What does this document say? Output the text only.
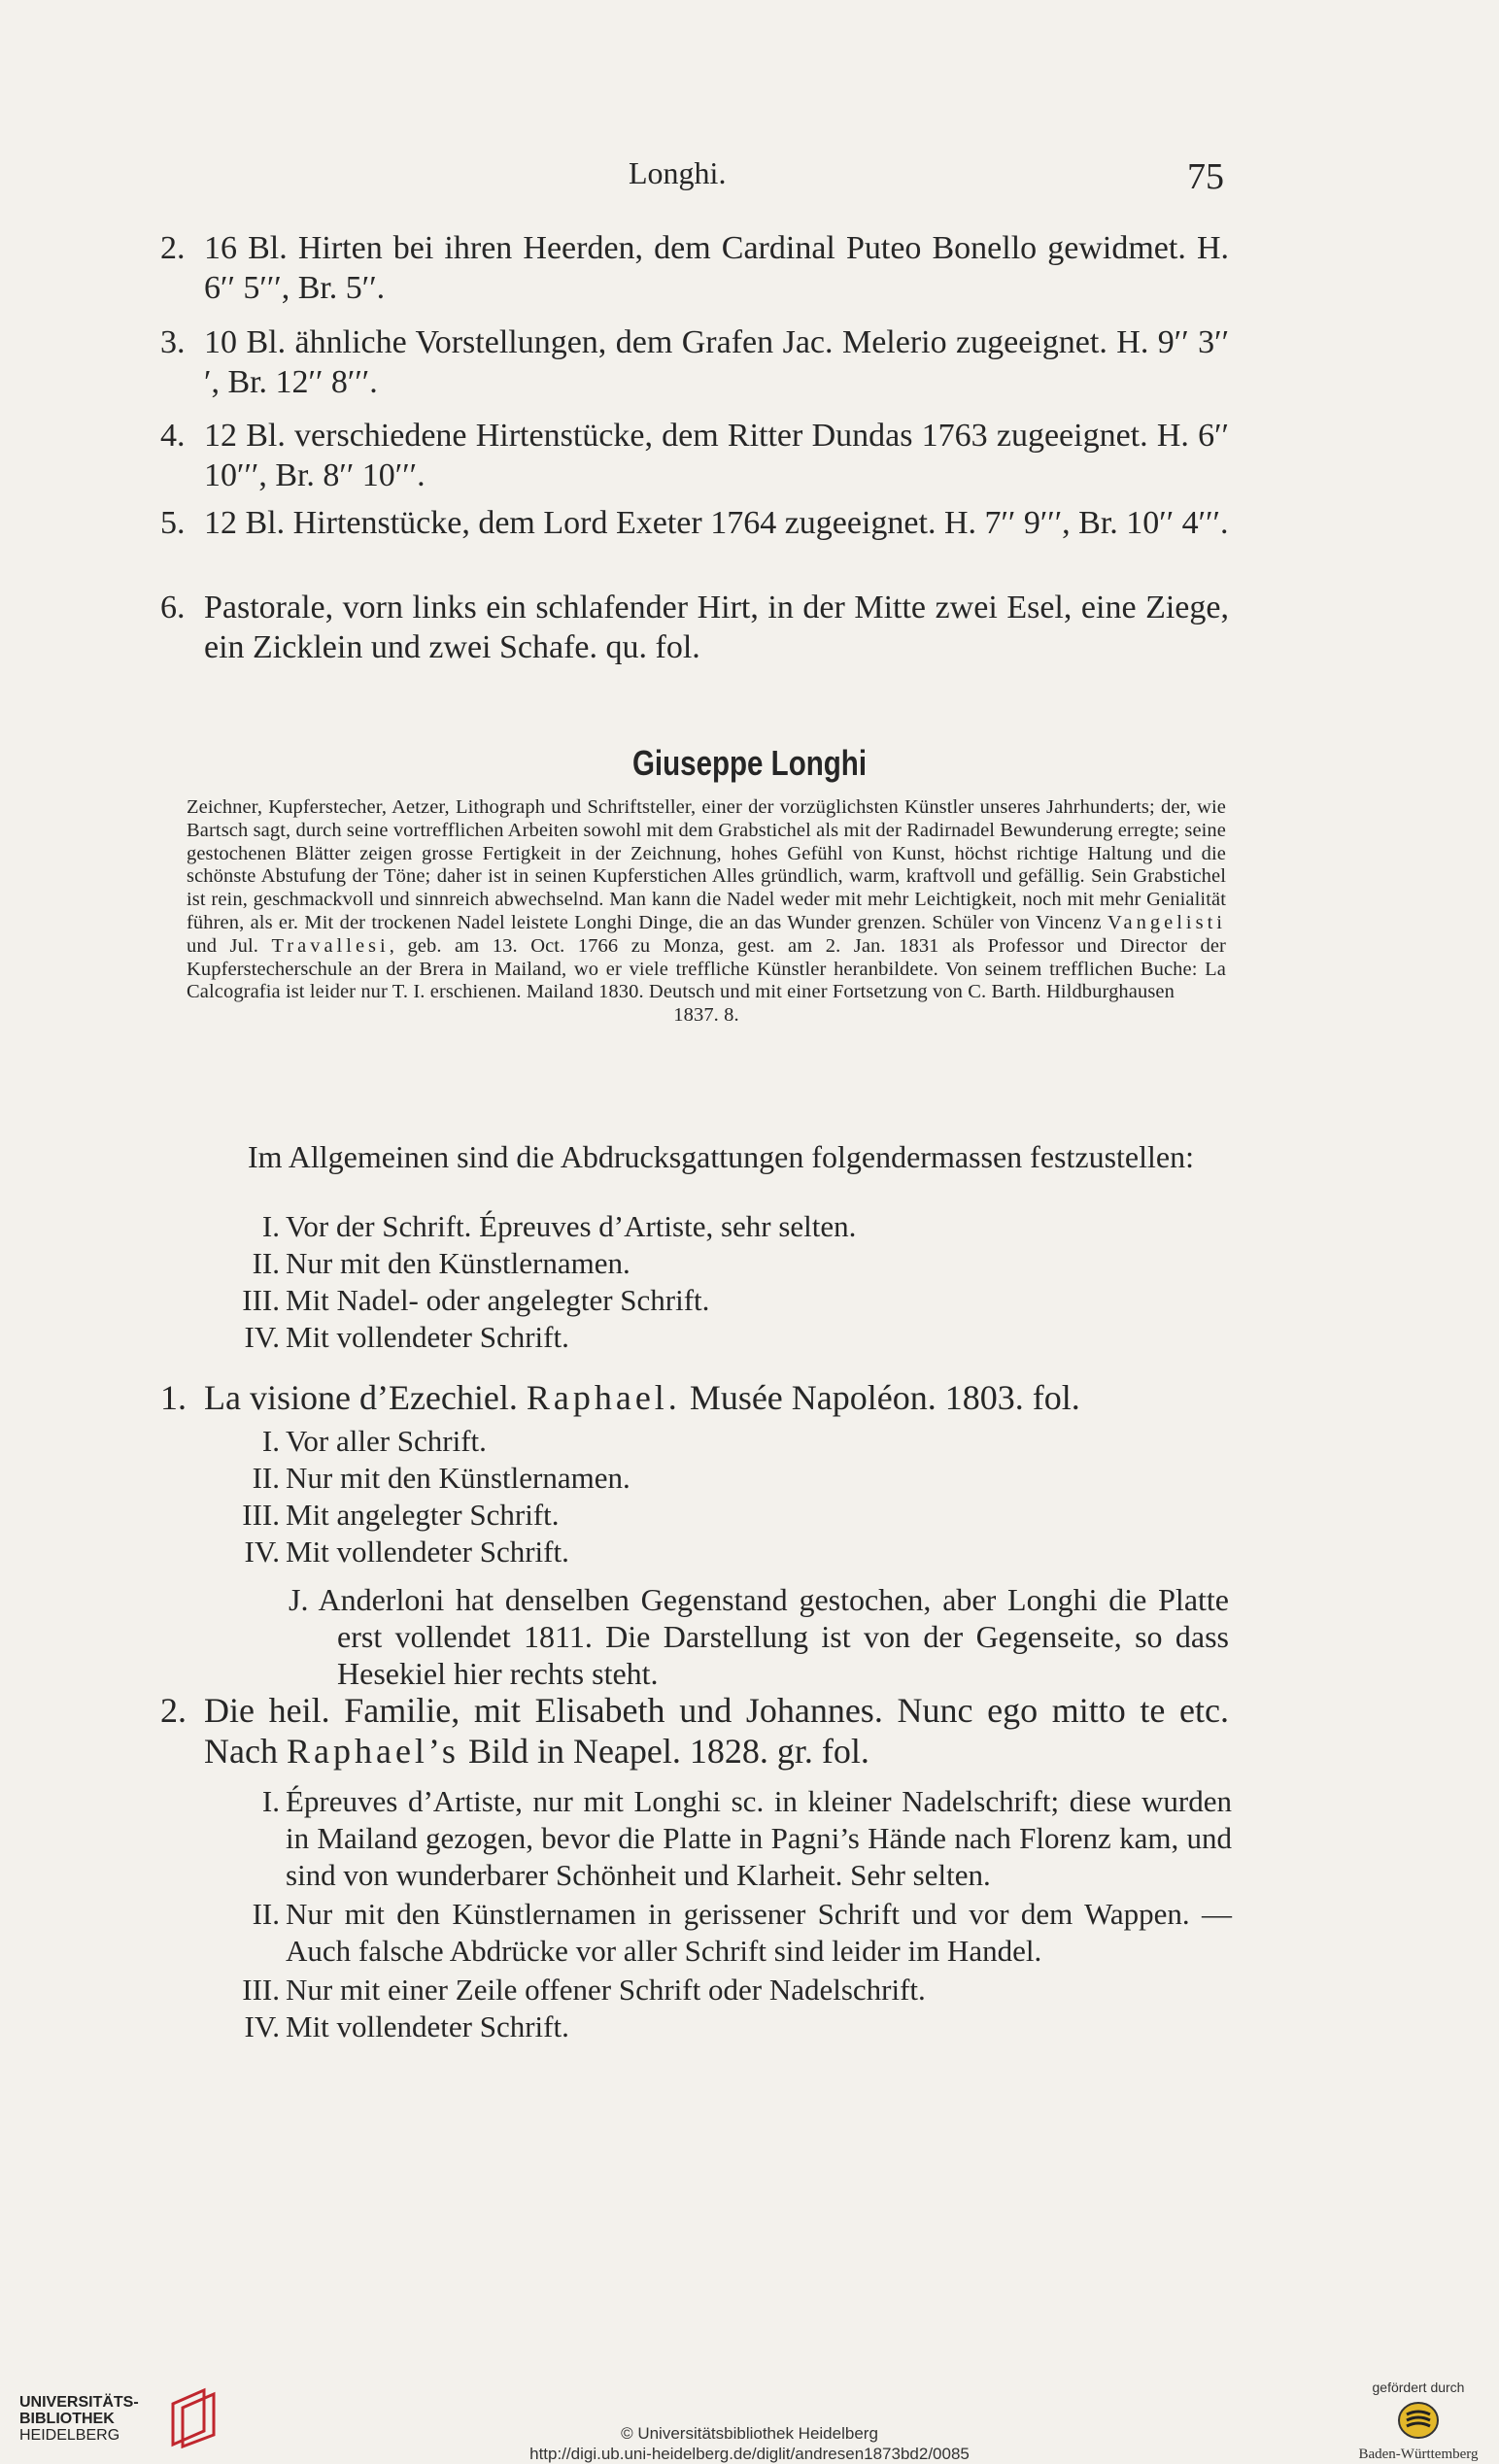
Longhi.	75
2. 16 Bl. Hirten bei ihren Heerden, dem Cardinal Puteo Bonello gewidmet. H. 6′′ 5′′′, Br. 5′′.
3. 10 Bl. ähnliche Vorstellungen, dem Grafen Jac. Melerio zugeeignet. H. 9′′ 3′′′, Br. 12′′ 8′′′.
4. 12 Bl. verschiedene Hirtenstücke, dem Ritter Dundas 1763 zugeeignet. H. 6′′ 10′′′, Br. 8′′ 10′′′.
5. 12 Bl. Hirtenstücke, dem Lord Exeter 1764 zugeeignet. H. 7′′ 9′′′, Br. 10′′ 4′′′.
6. Pastorale, vorn links ein schlafender Hirt, in der Mitte zwei Esel, eine Ziege, ein Zicklein und zwei Schafe. qu. fol.
Giuseppe Longhi
Zeichner, Kupferstecher, Aetzer, Lithograph und Schriftsteller, einer der vorzüglichsten Künstler unseres Jahrhunderts; der, wie Bartsch sagt, durch seine vortrefflichen Arbeiten sowohl mit dem Grabstichel als mit der Radirnadel Bewunderung erregte; seine gestochenen Blätter zeigen grosse Fertigkeit in der Zeichnung, hohes Gefühl von Kunst, höchst richtige Haltung und die schönste Abstufung der Töne; daher ist in seinen Kupferstichen Alles gründlich, warm, kraftvoll und gefällig. Sein Grabstichel ist rein, geschmackvoll und sinnreich abwechselnd. Man kann die Nadel weder mit mehr Leichtigkeit, noch mit mehr Genialität führen, als er. Mit der trockenen Nadel leistete Longhi Dinge, die an das Wunder grenzen. Schüler von Vincenz Vangelisti und Jul. Travallesi, geb. am 13. Oct. 1766 zu Monza, gest. am 2. Jan. 1831 als Professor und Director der Kupferstecherschule an der Brera in Mailand, wo er viele treffliche Künstler heranbildete. Von seinem trefflichen Buche: La Calcografia ist leider nur T. I. erschienen. Mailand 1830. Deutsch und mit einer Fortsetzung von C. Barth. Hildburghausen
1837. 8.
Im Allgemeinen sind die Abdrucksgattungen folgendermassen festzustellen:
I. Vor der Schrift. Épreuves d’Artiste, sehr selten.
II. Nur mit den Künstlernamen.
III. Mit Nadel- oder angelegter Schrift.
IV. Mit vollendeter Schrift.
1. La visione d’Ezechiel. Raphael. Musée Napoléon. 1803. fol.
I. Vor aller Schrift.
II. Nur mit den Künstlernamen.
III. Mit angelegter Schrift.
IV. Mit vollendeter Schrift.
J. Anderloni hat denselben Gegenstand gestochen, aber Longhi die Platte erst vollendet 1811. Die Darstellung ist von der Gegenseite, so dass Hesekiel hier rechts steht.
2. Die heil. Familie, mit Elisabeth und Johannes. Nunc ego mitto te etc. Nach Raphael’s Bild in Neapel. 1828. gr. fol.
I. Épreuves d’Artiste, nur mit Longhi sc. in kleiner Nadelschrift; diese wurden in Mailand gezogen, bevor die Platte in Pagni’s Hände nach Florenz kam, und sind von wunderbarer Schönheit und Klarheit. Sehr selten.
II. Nur mit den Künstlernamen in gerissener Schrift und vor dem Wappen. — Auch falsche Abdrücke vor aller Schrift sind leider im Handel.
III. Nur mit einer Zeile offener Schrift oder Nadelschrift.
IV. Mit vollendeter Schrift.
UNIVERSITÄTS-
BIBLIOTHEK
HEIDELBERG	© Universitätsbibliothek Heidelberg
http://digi.ub.uni-heidelberg.de/diglit/andresen1873bd2/0085
gefördert durch
Baden-Württemberg
